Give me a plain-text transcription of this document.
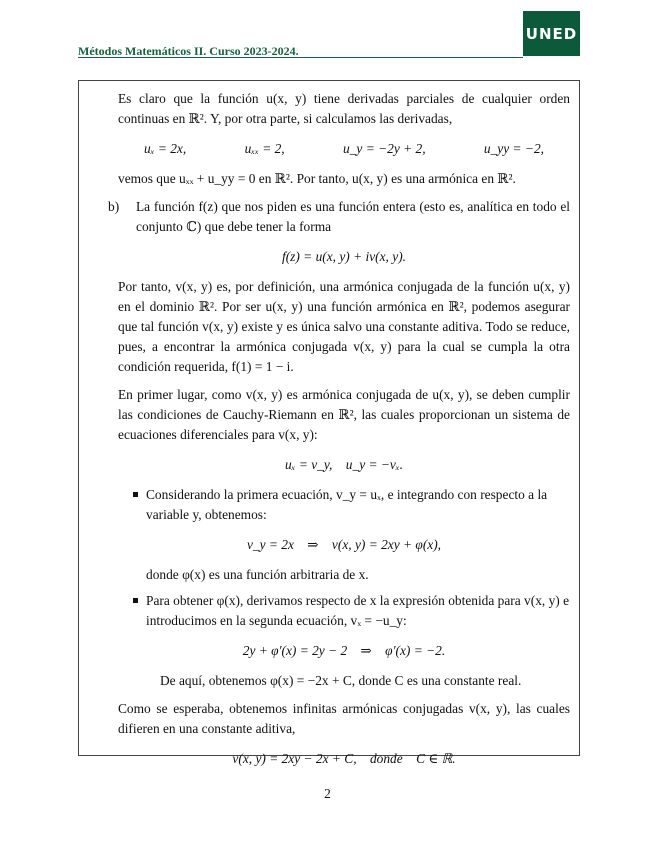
Métodos Matemáticos II. Curso 2023-2024.
UNED

Es claro que la función u(x, y) tiene derivadas parciales de cualquier orden continuas en ℝ². Y, por otra parte, si calculamos las derivadas,

uₓ = 2x,	uₓₓ = 2,	u_y = −2y + 2,	u_yy = −2,

vemos que uₓₓ + u_yy = 0 en ℝ². Por tanto, u(x, y) es una armónica en ℝ².

b)	La función f(z) que nos piden es una función entera (esto es, analítica en todo el conjunto ℂ) que debe tener la forma

f(z) = u(x, y) + iv(x, y).

Por tanto, v(x, y) es, por definición, una armónica conjugada de la función u(x, y) en el dominio ℝ². Por ser u(x, y) una función armónica en ℝ², podemos asegurar que tal función v(x, y) existe y es única salvo una constante aditiva. Todo se reduce, pues, a encontrar la armónica conjugada v(x, y) para la cual se cumpla la otra condición requerida, f(1) = 1 − i.

En primer lugar, como v(x, y) es armónica conjugada de u(x, y), se deben cumplir las condiciones de Cauchy-Riemann en ℝ², las cuales proporcionan un sistema de ecuaciones diferenciales para v(x, y):

uₓ = v_y,    u_y = −vₓ.
Considerando la primera ecuación, v_y = uₓ, e integrando con respecto a la variable y, obtenemos:
v_y = 2x    ⇒    v(x, y) = 2xy + φ(x),

donde φ(x) es una función arbitraria de x.

Para obtener φ(x), derivamos respecto de x la expresión obtenida para v(x, y) e introducimos en la segunda ecuación, vₓ = −u_y:
2y + φ′(x) = 2y − 2    ⇒    φ′(x) = −2.

De aquí, obtenemos φ(x) = −2x + C, donde C es una constante real.

Como se esperaba, obtenemos infinitas armónicas conjugadas v(x, y), las cuales difieren en una constante aditiva,

v(x, y) = 2xy − 2x + C,    donde    C ∈ ℝ.
2
